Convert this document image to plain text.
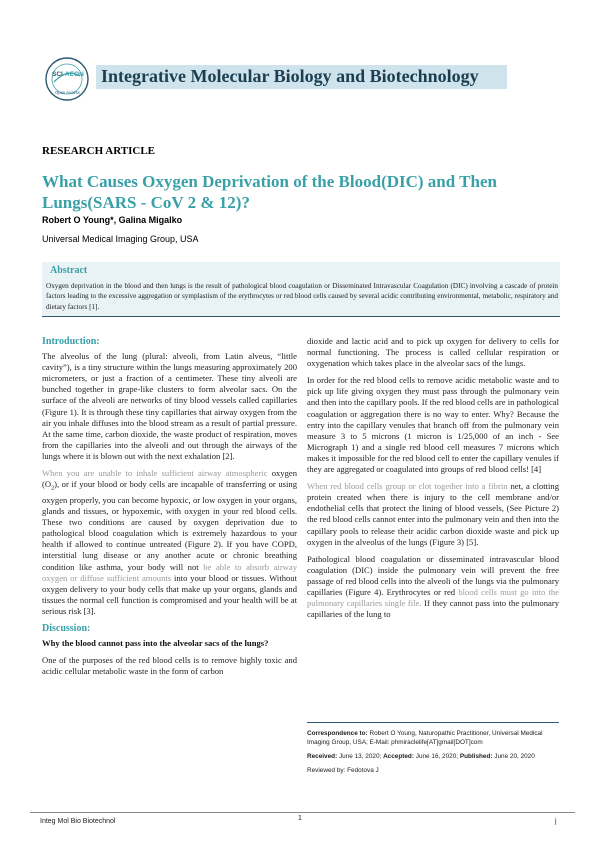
SCI AEON
Open Access
Integrative Molecular Biology and Biotechnology
RESEARCH ARTICLE
What Causes Oxygen Deprivation of the Blood(DIC) and Then Lungs(SARS - CoV 2 & 12)?
Robert O Young*, Galina Migalko
Universal Medical Imaging Group, USA
Abstract
Oxygen deprivation in the blood and then lungs is the result of pathological blood coagulation or Disseminated Intravascular Coagulation (DIC) involving a cascade of protein factors leading to the excessive aggregation or symplastism of the erythrocytes or red blood cells caused by several acidic contributing environmental, metabolic, respiratory and dietary factors [1].
Introduction:

The alveolus of the lung (plural: alveoli, from Latin alveus, “little cavity”), is a tiny structure within the lungs measuring approximately 200 micrometers, or just a fraction of a centimeter. These tiny alveoli are bunched together in grape-like clusters to form alveolar sacs. On the surface of the alveoli are networks of tiny blood vessels called capillaries (Figure 1). It is through these tiny capillaries that airway oxygen from the air you inhale diffuses into the blood stream as a result of partial pressure. At the same time, carbon dioxide, the waste product of respiration, moves from the capillaries into the alveoli and out through the airways of the lungs where it is blown out with the next exhalation [2].

When you are unable to inhale sufficient airway atmospheric oxygen $(O_2)$, or if your blood or body cells are incapable of transferring or using oxygen properly, you can become hypoxic, or low oxygen in your organs, glands and tissues, or hypoxemic, with oxygen in your red blood cells. These two conditions are caused by oxygen deprivation due to pathological blood coagulation which is extremely hazardous to your health if allowed to continue untreated (Figure 2). If you have COPD, interstitial lung disease or any another acute or chronic breathing condition like asthma, your body will not be able to absorb airway oxygen or diffuse sufficient amounts into your blood or tissues. Without oxygen delivery to your body cells that make up your organs, glands and tissues the normal cell function is compromised and your health will be at serious risk [3].

Discussion:
Why the blood cannot pass into the alveolar sacs of the lungs?

One of the purposes of the red blood cells is to remove highly toxic and acidic cellular metabolic waste in the form of carbon

dioxide and lactic acid and to pick up oxygen for delivery to cells for normal functioning. The process is called cellular respiration or oxygenation which takes place in the alveolar sacs of the lungs.

In order for the red blood cells to remove acidic metabolic waste and to pick up life giving oxygen they must pass through the pulmonary vein and then into the capillary pools. If the red blood cells are in pathological coagulation or aggregation there is no way to enter. Why? Because the entry into the capillary venules that branch off from the pulmonary vein measure 3 to 5 microns (1 micron is 1/25,000 of an inch - See Micrograph 1) and a single red blood cell measures 7 microns which makes it impossible for the red blood cell to enter the capillary venules if they are aggregated or coagulated into groups of red blood cells! [4]

When red blood cells group or clot together into a fibrin net, a clotting protein created when there is injury to the cell membrane and/or endothelial cells that protect the lining of blood vessels, (See Picture 2) the red blood cells cannot enter into the pulmonary vein and then into the capillary pools to release their acidic carbon dioxide waste and pick up oxygen in the alveolus of the lungs (Figure 3) [5].

Pathological blood coagulation or disseminated intravascular blood coagulation (DIC) inside the pulmonary vein will prevent the free passage of red blood cells into the alveoli of the lungs via the pulmonary capillaries (Figure 4). Erythrocytes or red blood cells must go into the pulmonary capillaries single file. If they cannot pass into the pulmonary capillaries of the lung to

Correspondence to: Robert O Young, Naturopathic Practitioner, Universal Medical Imaging Group, USA; E-Mail: phmiraclelife[AT]gmail[DOT]com

Received: June 13, 2020; Accepted: June 16, 2020; Published: June 20, 2020

Reviewed by: Fedotova J

Integ Mol Bio Biotechnol	1	j
